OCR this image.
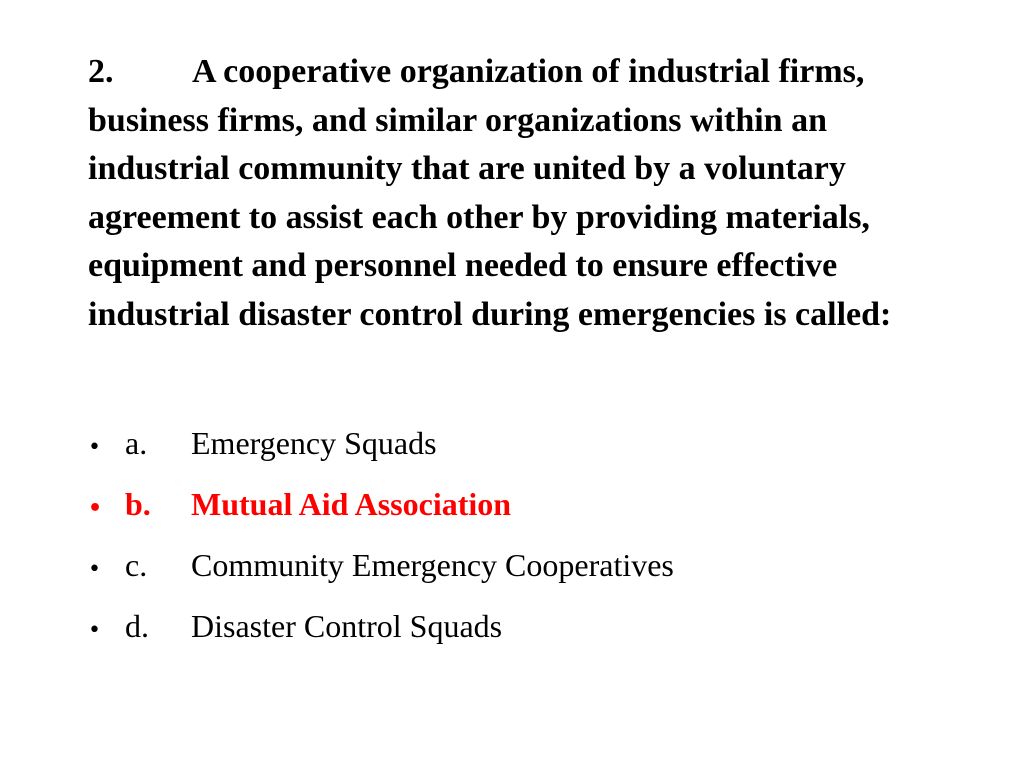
2. A cooperative organization of industrial firms, business firms, and similar organizations within an industrial community that are united by a voluntary agreement to assist each other by providing materials, equipment and personnel needed to ensure effective industrial disaster control during emergencies is called:
• a.	Emergency Squads
• b.	Mutual Aid Association
• c.	Community Emergency Cooperatives
• d.	Disaster Control Squads
